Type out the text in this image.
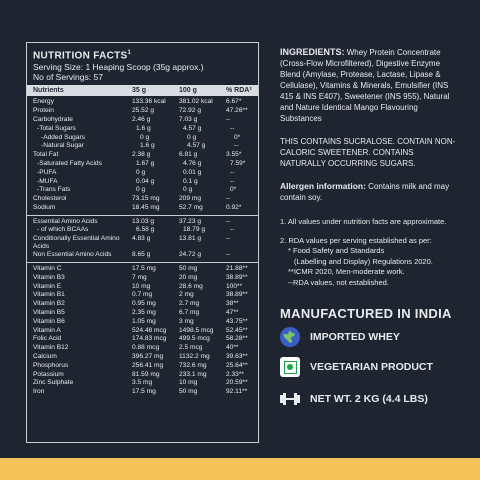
NUTRITION FACTS$^1$
Serving Size: 1 Heaping Scoop (35g approx.)
No of Servings: 57
Nutrients	35 g	100 g	% RDA²
Energy	133.36 kcal	381.02 kcal	6.67*
Protein	25.52 g	72.92 g	47.26**
Carbohydrate	2.46 g	7.03 g	--
-Total Sugars	1.6 g	4.57 g	--
-Added Sugars	0 g	0 g	0*
-Natural Sugar	1.6 g	4.57 g	--
Total Fat	2.38 g	6.81 g	3.55*
-Saturated Fatty Acids	1.67 g	4.76 g	7.59*
-PUFA	0 g	0.01 g	--
-MUFA	0.04 g	0.1 g	--
-Trans Fats	0 g	0 g	0*
Cholesterol	73.15 mg	209 mg	--
Sodium	18.45 mg	52.7 mg	0.92*
Essential Amino Acids	13.03 g	37.23 g	--
- of which BCAAs	6.58 g	18.79 g	--
Conditionally Essential Amino Acids
4.83 g	13.81 g	--
Non Essential Amino Acids	8.65 g	24.72 g	--
Vitamin C	17.5 mg	50 mg	21.88**
Vitamin B3	7 mg	20 mg	38.89**
Vitamin E	10 mg	28.6 mg	100**
Vitamin B1	0.7 mg	2 mg	38.89**
Vitamin B2	0.95 mg	2.7 mg	38**
Vitamin B5	2.35 mg	6.7 mg	47**
Vitamin B6	1.05 mg	3 mg	43.75**
Vitamin A	524.48 mcg	1498.5 mcg	52.45**
Folic Acid	174.83 mcg	499.5 mcg	58.28**
Vitamin B12	0.88 mcg	2.5 mcg	40**
Calcium	396.27 mg	1132.2 mg	39.63**
Phosphorus	256.41 mg	732.6 mg	25.64**
Potassium	81.59 mg	233.1 mg	2.33**
Zinc Sulphate	3.5 mg	10 mg	20.59**
Iron	17.5 mg	50 mg	92.11**

INGREDIENTS: Whey Protein Concentrate (Cross-Flow Microfiltered), Digestive Enzyme Blend (Amylase, Protease, Lactase, Lipase & Cellulase), Vitamins & Minerals, Emulsifier (INS 415 & INS E407), Sweetener (INS 955), Natural and Nature Identical Mango Flavouring Substances

THIS CONTAINS SUCRALOSE. CONTAIN NON-CALORIC SWEETENER. CONTAINS NATURALLY OCCURRING SUGARS.

Allergen information: Contains milk and may contain soy.

1. All values under nutrition facts are approximate.
2. RDA values per serving established as per:
* Food Safety and Standards
(Labelling and Display) Regulations 2020.
**ICMR 2020, Men-moderate work.
--RDA values, not established.
MANUFACTURED IN INDIA
IMPORTED WHEY
VEGETARIAN PRODUCT
NET WT. 2 KG (4.4 LBS)
